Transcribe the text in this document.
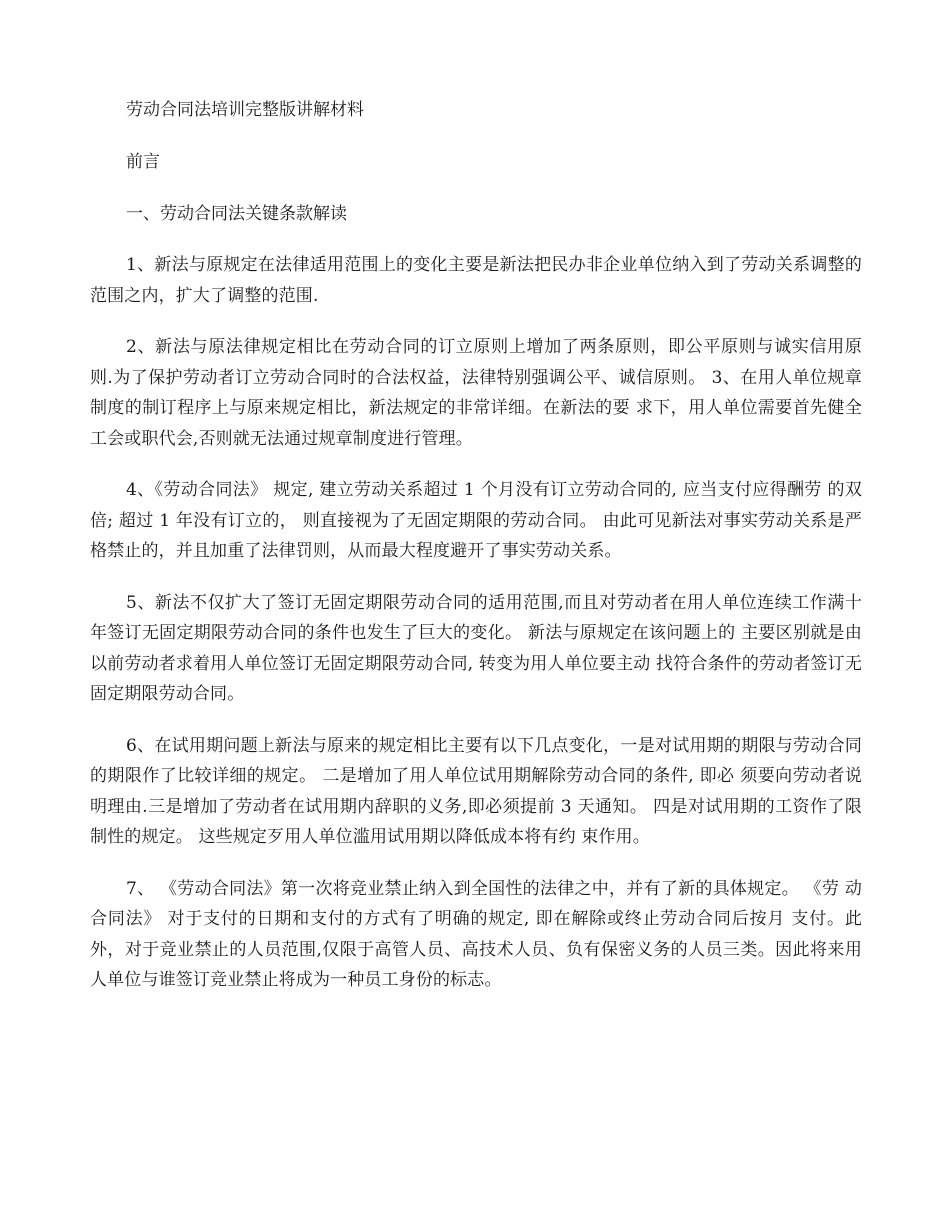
劳动合同法培训完整版讲解材料

前言

一、劳动合同法关键条款解读

1、新法与原规定在法律适用范围上的变化主要是新法把民办非企业单位纳入到了劳动关系调整的范围之内，扩大了调整的范围.

2、新法与原法律规定相比在劳动合同的订立原则上增加了两条原则，即公平原则与诚实信用原则.为了保护劳动者订立劳动合同时的合法权益，法律特别强调公平、诚信原则。 3、在用人单位规章制度的制订程序上与原来规定相比，新法规定的非常详细。在新法的要 求下，用人单位需要首先健全工会或职代会,否则就无法通过规章制度进行管理。

4、《劳动合同法》 规定, 建立劳动关系超过 1 个月没有订立劳动合同的, 应当支付应得酬劳 的双倍; 超过 1 年没有订立的， 则直接视为了无固定期限的劳动合同。 由此可见新法对事实劳动关系是严格禁止的，并且加重了法律罚则，从而最大程度避开了事实劳动关系。

5、新法不仅扩大了签订无固定期限劳动合同的适用范围,而且对劳动者在用人单位连续工作满十年签订无固定期限劳动合同的条件也发生了巨大的变化。 新法与原规定在该问题上的 主要区别就是由以前劳动者求着用人单位签订无固定期限劳动合同, 转变为用人单位要主动 找符合条件的劳动者签订无固定期限劳动合同。

6、在试用期问题上新法与原来的规定相比主要有以下几点变化，一是对试用期的期限与劳动合同的期限作了比较详细的规定。 二是增加了用人单位试用期解除劳动合同的条件, 即必 须要向劳动者说明理由.三是增加了劳动者在试用期内辞职的义务,即必须提前 3 天通知。 四是对试用期的工资作了限制性的规定。 这些规定歹用人单位滥用试用期以降低成本将有约 束作用。

7、 《劳动合同法》第一次将竞业禁止纳入到全国性的法律之中，并有了新的具体规定。 《劳 动合同法》 对于支付的日期和支付的方式有了明确的规定, 即在解除或终止劳动合同后按月 支付。此外，对于竞业禁止的人员范围,仅限于高管人员、高技术人员、负有保密义务的人员三类。因此将来用人单位与谁签订竞业禁止将成为一种员工身份的标志。
